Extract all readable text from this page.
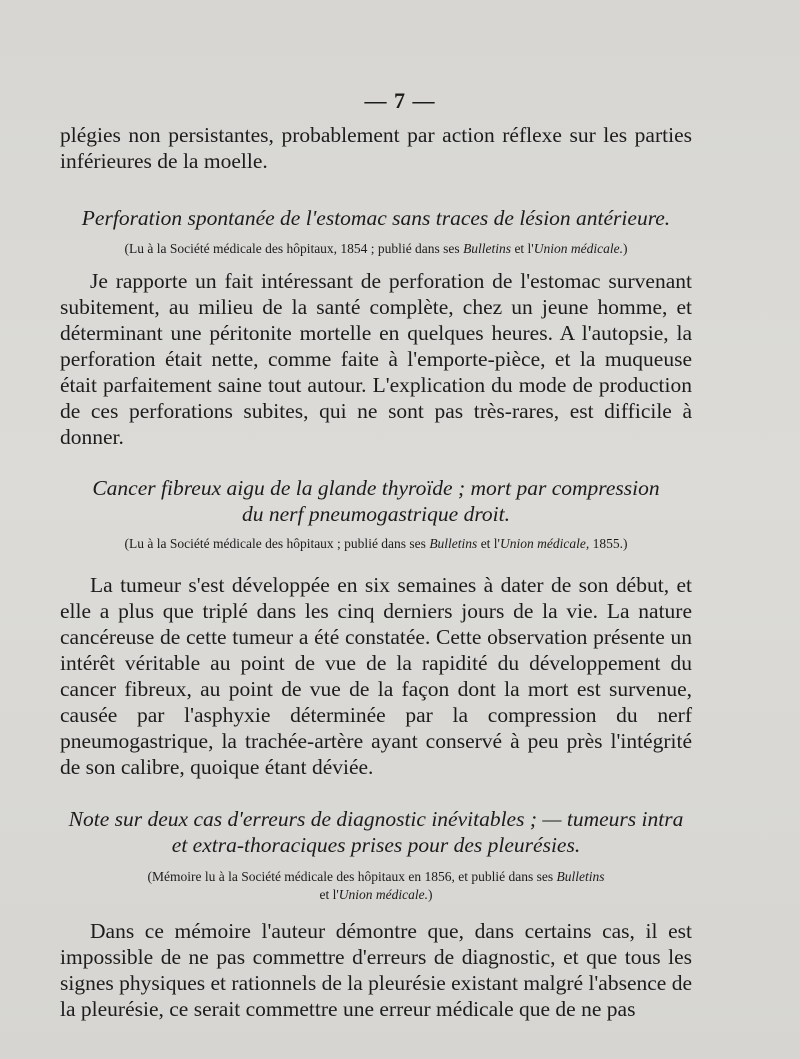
— 7 —

plégies non persistantes, probablement par action réflexe sur les parties inférieures de la moelle.

Perforation spontanée de l'estomac sans traces de lésion antérieure.

(Lu à la Société médicale des hôpitaux, 1854 ; publié dans ses Bulletins et l'Union médicale.)

Je rapporte un fait intéressant de perforation de l'estomac survenant subitement, au milieu de la santé complète, chez un jeune homme, et déterminant une péritonite mortelle en quelques heures. A l'autopsie, la perforation était nette, comme faite à l'emporte-pièce, et la muqueuse était parfaitement saine tout autour. L'explication du mode de production de ces perforations subites, qui ne sont pas très-rares, est difficile à donner.

Cancer fibreux aigu de la glande thyroïde ; mort par compression

du nerf pneumogastrique droit.

(Lu à la Société médicale des hôpitaux ; publié dans ses Bulletins et l'Union médicale, 1855.)

La tumeur s'est développée en six semaines à dater de son début, et elle a plus que triplé dans les cinq derniers jours de la vie. La nature cancéreuse de cette tumeur a été constatée. Cette observation présente un intérêt véritable au point de vue de la rapidité du développement du cancer fibreux, au point de vue de la façon dont la mort est survenue, causée par l'asphyxie déterminée par la compression du nerf pneumogastrique, la trachée-artère ayant conservé à peu près l'intégrité de son calibre, quoique étant déviée.

Note sur deux cas d'erreurs de diagnostic inévitables ; — tumeurs intra

et extra-thoraciques prises pour des pleurésies.

(Mémoire lu à la Société médicale des hôpitaux en 1856, et publié dans ses Bulletins

et l'Union médicale.)

Dans ce mémoire l'auteur démontre que, dans certains cas, il est impossible de ne pas commettre d'erreurs de diagnostic, et que tous les signes physiques et rationnels de la pleurésie existant malgré l'absence de la pleurésie, ce serait commettre une erreur médicale que de ne pas
